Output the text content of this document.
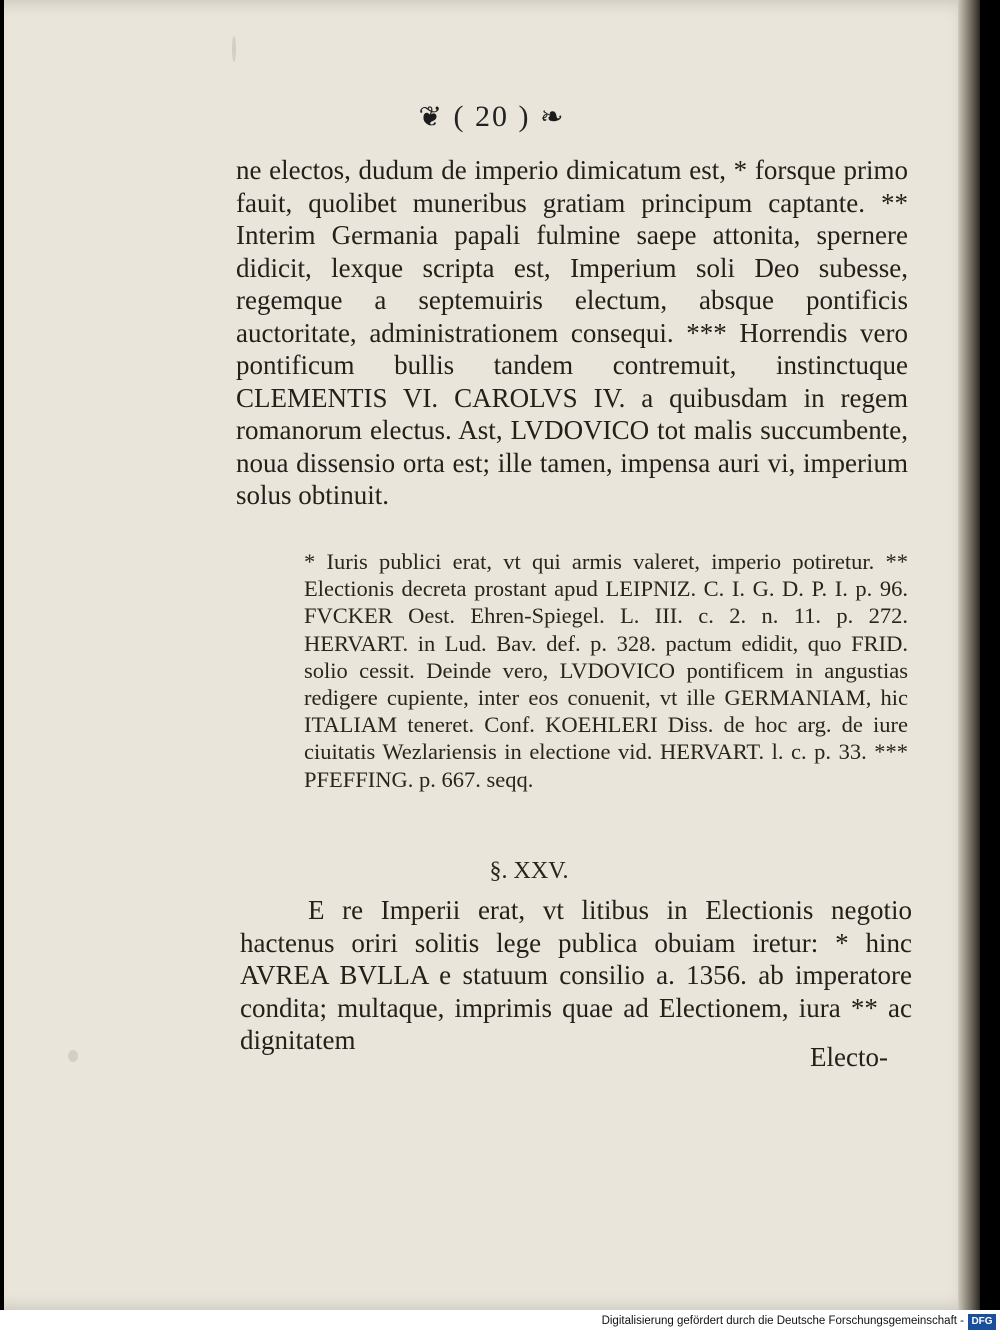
❦ ( 20 ) ❧

ne electos, dudum de imperio dimicatum est, * forsque primo fauit, quolibet muneribus gratiam principum captante. ** Interim Germania papali fulmine saepe attonita, spernere didicit, lexque scripta est, Imperium soli Deo subesse, regemque a septemuiris electum, absque pontificis auctoritate, administrationem consequi. *** Horrendis vero pontificum bullis tandem contremuit, instinctuque CLEMENTIS VI. CAROLVS IV. a quibusdam in regem romanorum electus. Ast, LVDOVICO tot malis succumbente, noua dissensio orta est; ille tamen, impensa auri vi, imperium solus obtinuit.

* Iuris publici erat, vt qui armis valeret, imperio potiretur. ** Electionis decreta prostant apud LEIPNIZ. C. I. G. D. P. I. p. 96. FVCKER Oest. Ehren-Spiegel. L. III. c. 2. n. 11. p. 272. HERVART. in Lud. Bav. def. p. 328. pactum edidit, quo FRID. solio cessit. Deinde vero, LVDOVICO pontificem in angustias redigere cupiente, inter eos conuenit, vt ille GERMANIAM, hic ITALIAM teneret. Conf. KOEHLERI Diss. de hoc arg. de iure ciuitatis Wezlariensis in electione vid. HERVART. l. c. p. 33. *** PFEFFING. p. 667. seqq.

§. XXV.

E re Imperii erat, vt litibus in Electionis negotio hactenus oriri solitis lege publica obuiam iretur: * hinc AVREA BVLLA e statuum consilio a. 1356. ab imperatore condita; multaque, imprimis quae ad Electionem, iura ** ac dignitatem

Electo-
Digitalisierung gefördert durch die Deutsche Forschungsgemeinschaft - DFG
